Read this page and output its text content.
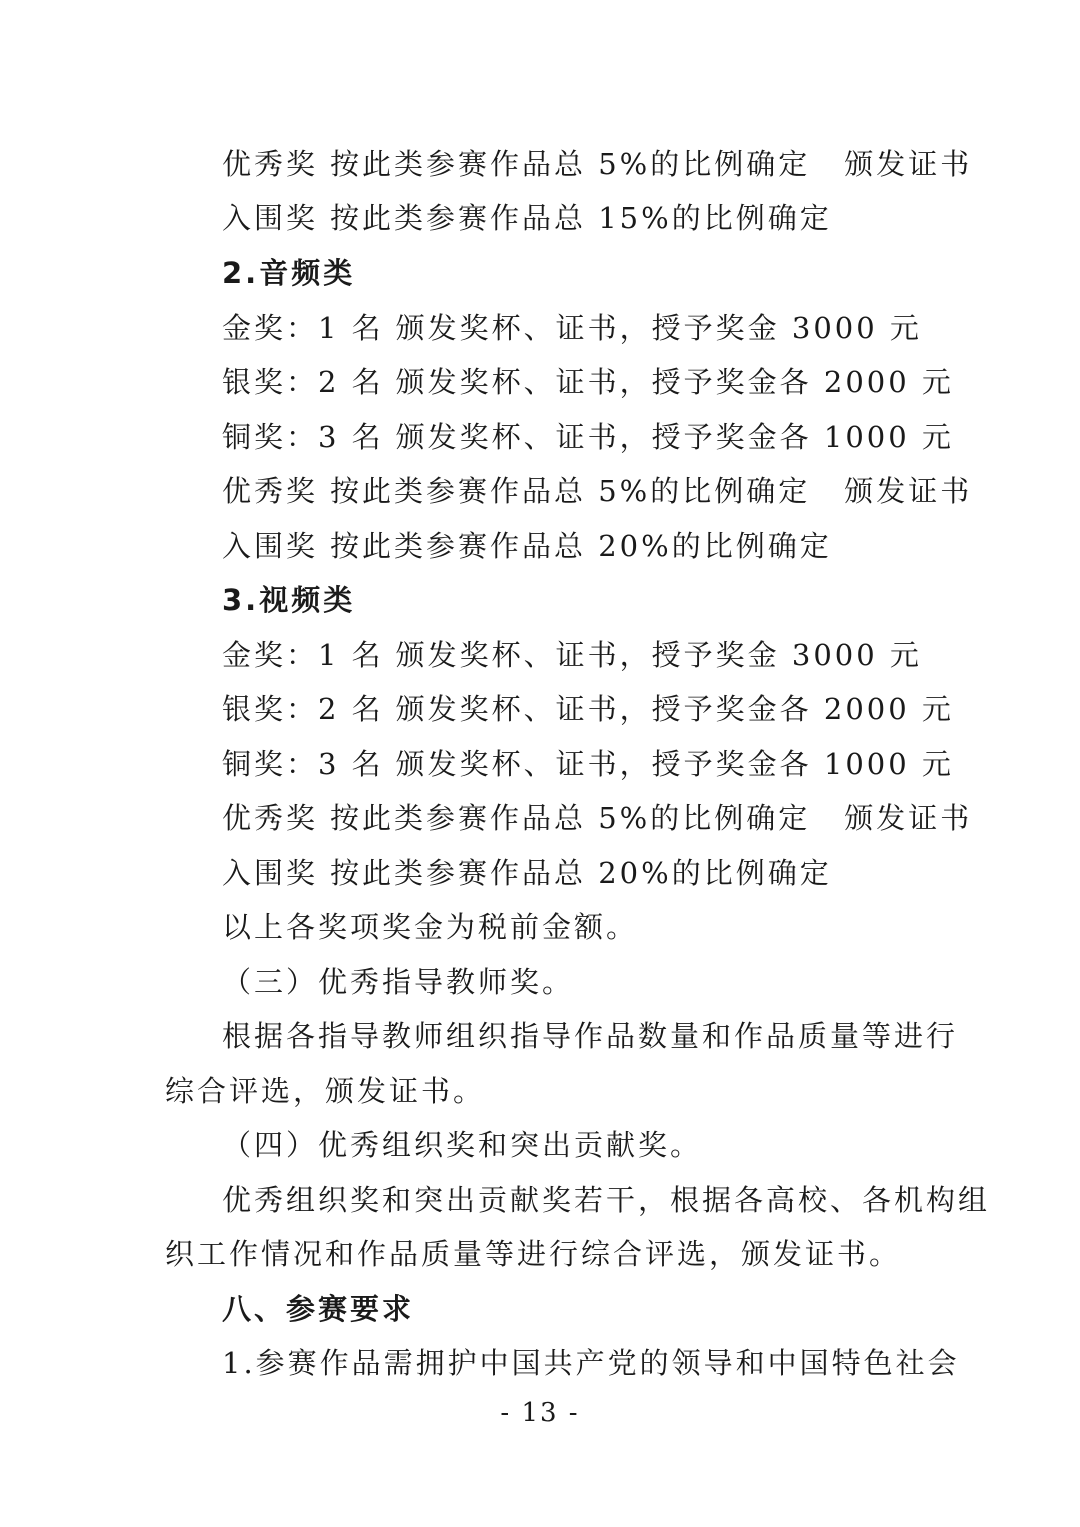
优秀奖 按此类参赛作品总 5%的比例确定 颁发证书
入围奖 按此类参赛作品总 15%的比例确定
2.音频类
金奖：1 名 颁发奖杯、证书，授予奖金 3000 元
银奖：2 名 颁发奖杯、证书，授予奖金各 2000 元
铜奖：3 名 颁发奖杯、证书，授予奖金各 1000 元
优秀奖 按此类参赛作品总 5%的比例确定 颁发证书
入围奖 按此类参赛作品总 20%的比例确定
3.视频类
金奖：1 名 颁发奖杯、证书，授予奖金 3000 元
银奖：2 名 颁发奖杯、证书，授予奖金各 2000 元
铜奖：3 名 颁发奖杯、证书，授予奖金各 1000 元
优秀奖 按此类参赛作品总 5%的比例确定 颁发证书
入围奖 按此类参赛作品总 20%的比例确定
以上各奖项奖金为税前金额。
（三）优秀指导教师奖。
根据各指导教师组织指导作品数量和作品质量等进行
综合评选，颁发证书。
（四）优秀组织奖和突出贡献奖。
优秀组织奖和突出贡献奖若干，根据各高校、各机构组
织工作情况和作品质量等进行综合评选，颁发证书。
八、参赛要求
1.参赛作品需拥护中国共产党的领导和中国特色社会
- 13 -
